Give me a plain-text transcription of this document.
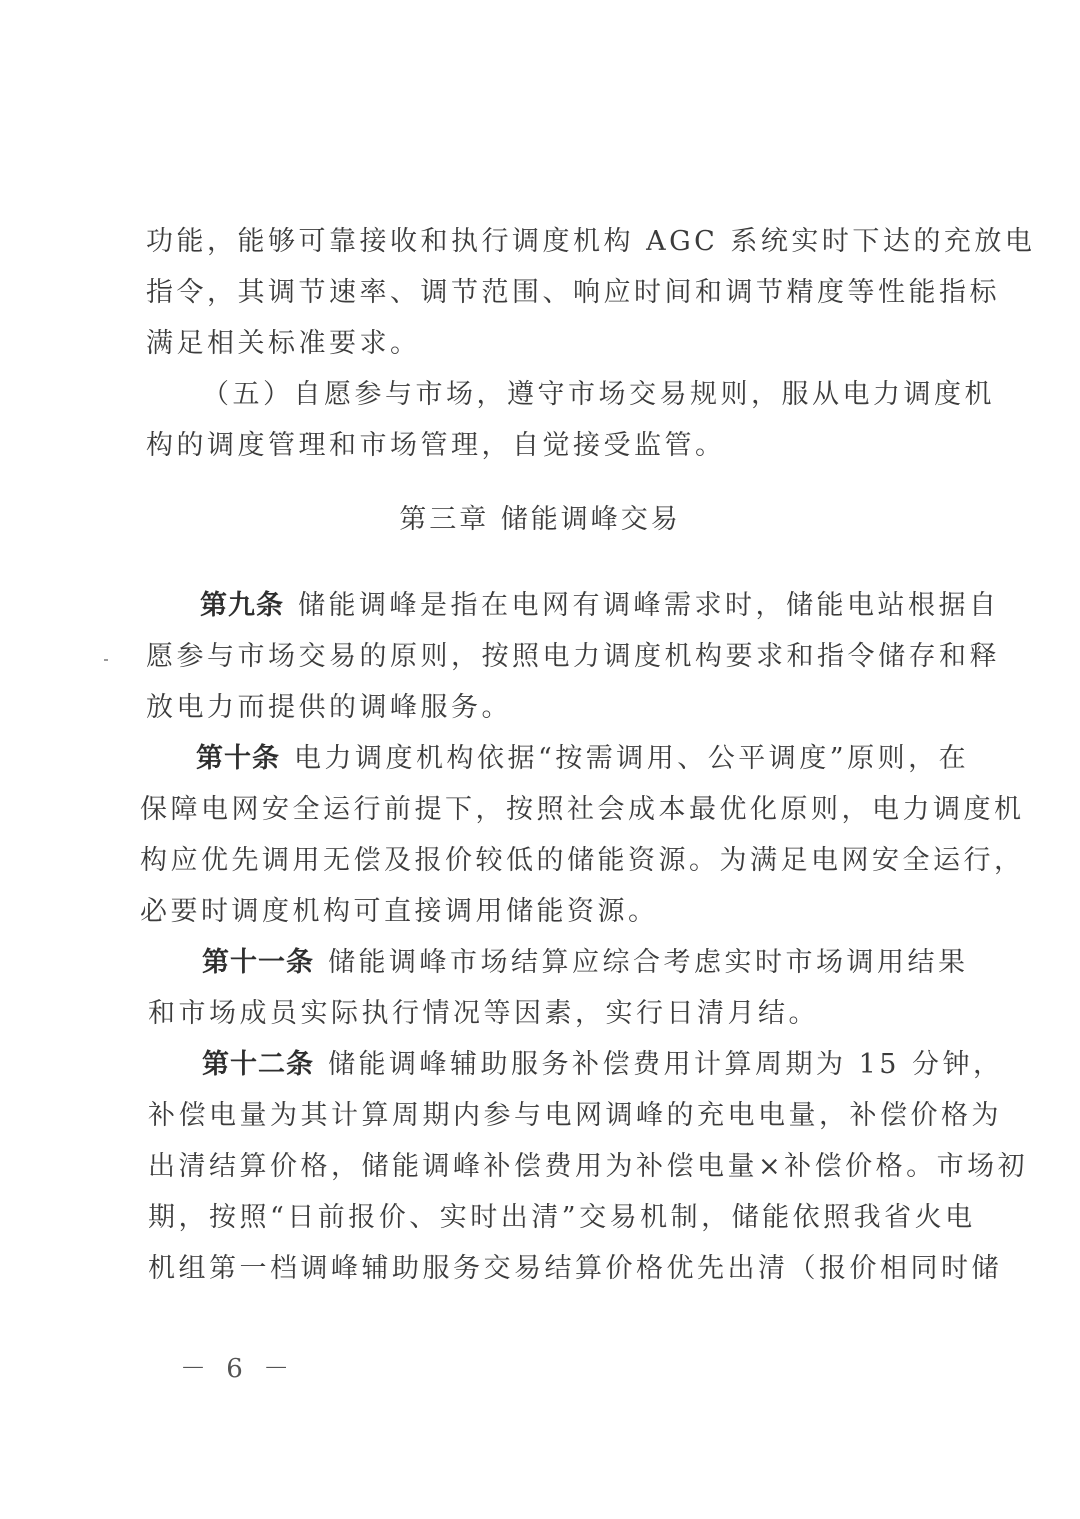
功能，能够可靠接收和执行调度机构 AGC 系统实时下达的充放电
指令，其调节速率、调节范围、响应时间和调节精度等性能指标
满足相关标准要求。
（五）自愿参与市场，遵守市场交易规则，服从电力调度机
构的调度管理和市场管理，自觉接受监管。
第三章 储能调峰交易
第九条 储能调峰是指在电网有调峰需求时，储能电站根据自
愿参与市场交易的原则，按照电力调度机构要求和指令储存和释
放电力而提供的调峰服务。
第十条 电力调度机构依据“按需调用、公平调度”原则，在
保障电网安全运行前提下，按照社会成本最优化原则，电力调度机
构应优先调用无偿及报价较低的储能资源。为满足电网安全运行，
必要时调度机构可直接调用储能资源。
第十一条 储能调峰市场结算应综合考虑实时市场调用结果
和市场成员实际执行情况等因素，实行日清月结。
第十二条 储能调峰辅助服务补偿费用计算周期为 15 分钟，
补偿电量为其计算周期内参与电网调峰的充电电量，补偿价格为
出清结算价格，储能调峰补偿费用为补偿电量×补偿价格。市场初
期，按照“日前报价、实时出清”交易机制，储能依照我省火电
机组第一档调峰辅助服务交易结算价格优先出清（报价相同时储
－ 6 －
